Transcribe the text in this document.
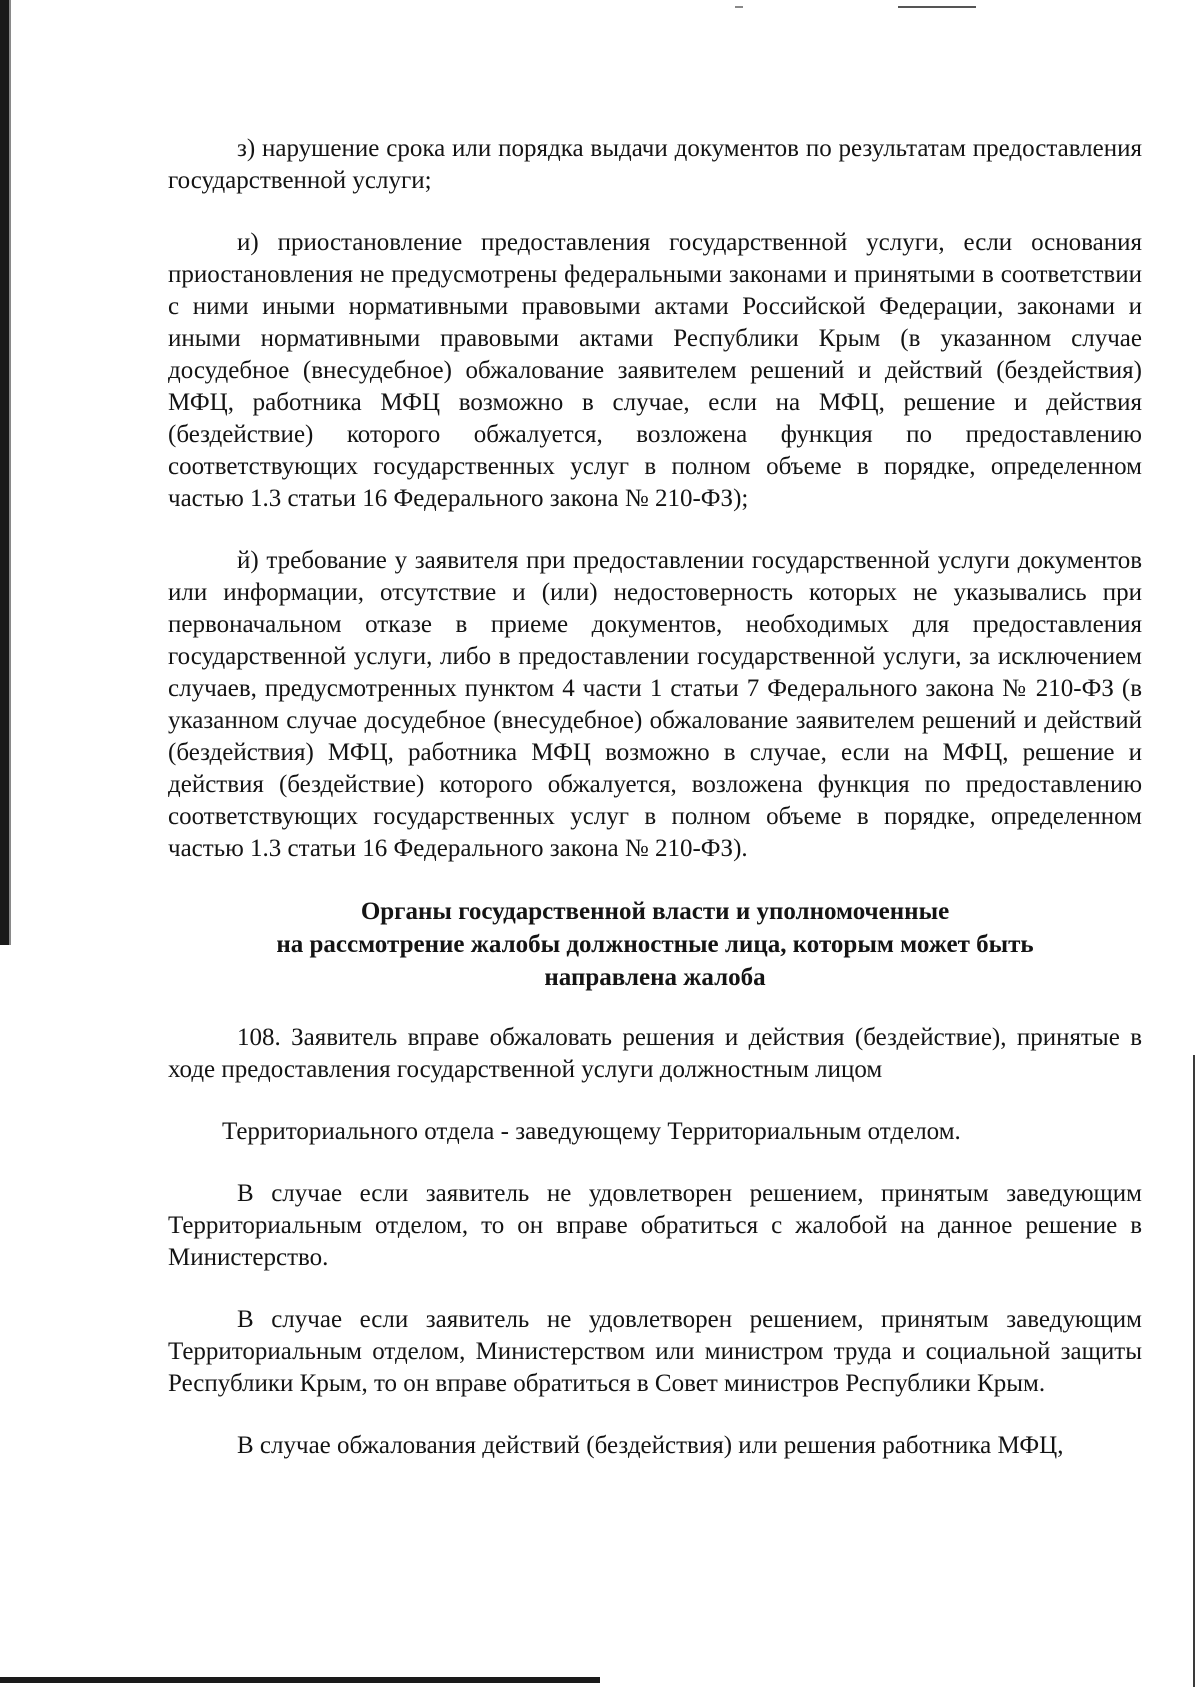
з) нарушение срока или порядка выдачи документов по результатам предоставления государственной услуги;

и) приостановление предоставления государственной услуги, если основания приостановления не предусмотрены федеральными законами и принятыми в соответствии с ними иными нормативными правовыми актами Российской Федерации, законами и иными нормативными правовыми актами Республики Крым (в указанном случае досудебное (внесудебное) обжалование заявителем решений и действий (бездействия) МФЦ, работника МФЦ возможно в случае, если на МФЦ, решение и действия (бездействие) которого обжалуется, возложена функция по предоставлению соответствующих государственных услуг в полном объеме в порядке, определенном частью 1.3 статьи 16 Федерального закона № 210-ФЗ);

й) требование у заявителя при предоставлении государственной услуги документов или информации, отсутствие и (или) недостоверность которых не указывались при первоначальном отказе в приеме документов, необходимых для предоставления государственной услуги, либо в предоставлении государственной услуги, за исключением случаев, предусмотренных пунктом 4 части 1 статьи 7 Федерального закона № 210-ФЗ (в указанном случае досудебное (внесудебное) обжалование заявителем решений и действий (бездействия) МФЦ, работника МФЦ возможно в случае, если на МФЦ, решение и действия (бездействие) которого обжалуется, возложена функция по предоставлению соответствующих государственных услуг в полном объеме в порядке, определенном частью 1.3 статьи 16 Федерального закона № 210-ФЗ).

Органы государственной власти и уполномоченные

на рассмотрение жалобы должностные лица, которым может быть

направлена жалоба

108. Заявитель вправе обжаловать решения и действия (бездействие), принятые в ходе предоставления государственной услуги должностным лицом

Территориального отдела - заведующему Территориальным отделом.

В случае если заявитель не удовлетворен решением, принятым заведующим Территориальным отделом, то он вправе обратиться с жалобой на данное решение в Министерство.

В случае если заявитель не удовлетворен решением, принятым заведующим Территориальным отделом, Министерством или министром труда и социальной защиты Республики Крым, то он вправе обратиться в Совет министров Республики Крым.

В случае обжалования действий (бездействия) или решения работника МФЦ,
